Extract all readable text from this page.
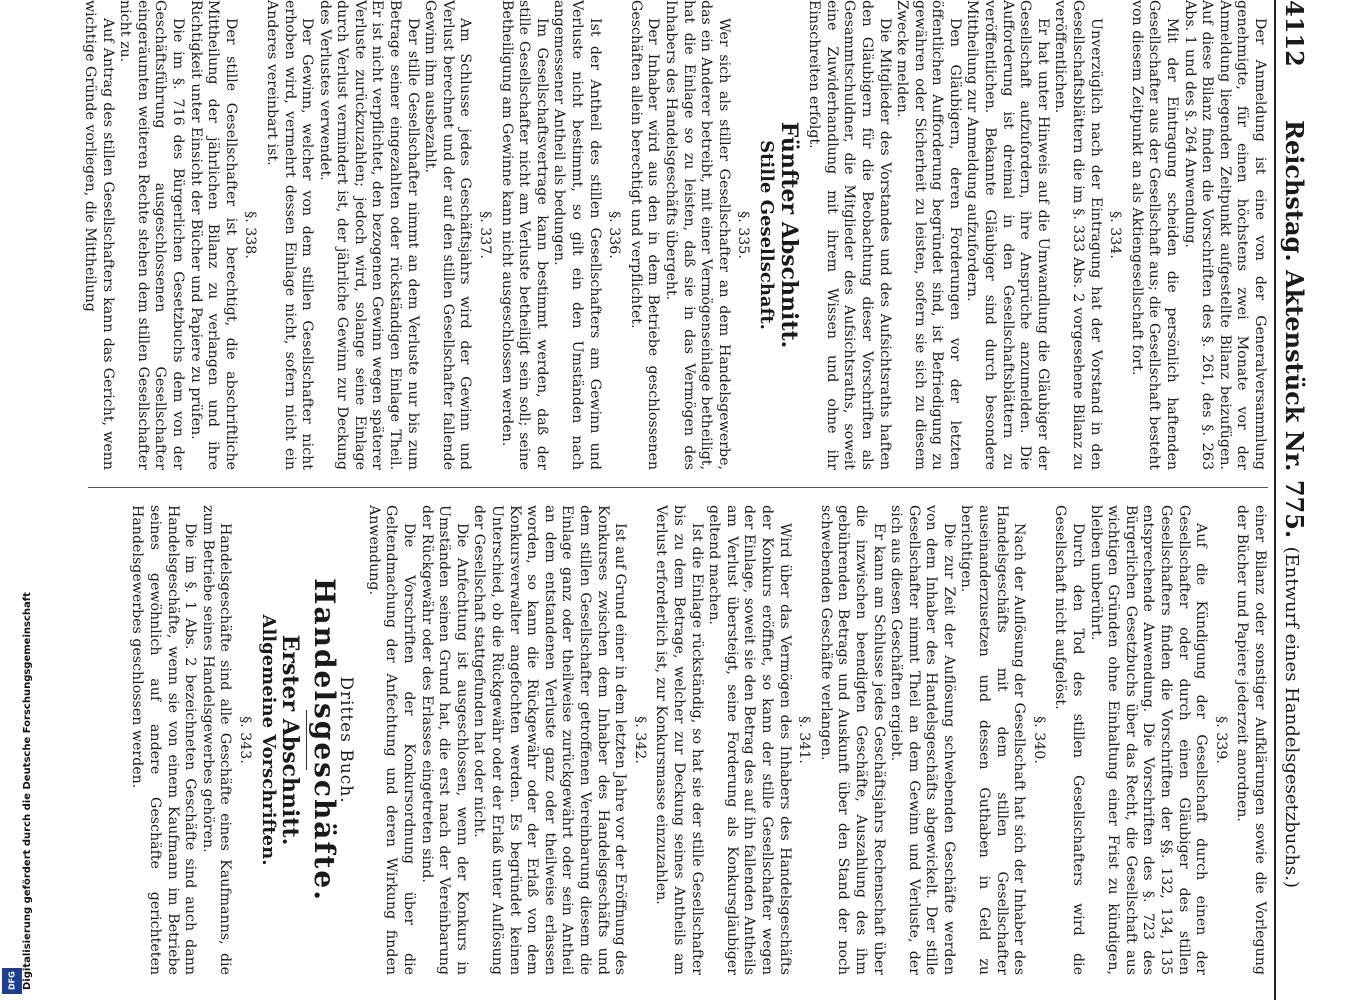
DFG Digitalisierung gefördert durch die Deutsche Forschungsgemeinschaft
4112
Reichstag. Aktenstück Nr. 775. (Entwurf eines Handelsgesetzbuchs.)

Der Anmeldung ist eine von der Generalversammlung genehmigte, für einen höchstens zwei Monate vor der Anmeldung liegenden Zeitpunkt aufgestellte Bilanz beizufügen. Auf diese Bilanz finden die Vorschriften des §. 261, des §. 263 Abs. 1 und des §. 264 Anwendung.

Mit der Eintragung scheiden die persönlich haftenden Gesellschafter aus der Gesellschaft aus; die Gesellschaft besteht von diesem Zeitpunkt an als Aktiengesellschaft fort.

§. 334.

Unverzüglich nach der Eintragung hat der Vorstand in den Gesellschaftsblättern die im §. 333 Abs. 2 vorgesehene Bilanz zu veröffentlichen.

Er hat unter Hinweis auf die Umwandlung die Gläubiger der Gesellschaft aufzufordern, ihre Ansprüche anzumelden. Die Aufforderung ist dreimal in den Gesellschaftsblättern zu veröffentlichen. Bekannte Gläubiger sind durch besondere Mittheilung zur Anmeldung aufzufordern.

Den Gläubigern, deren Forderungen vor der letzten öffentlichen Aufforderung begründet sind, ist Befriedigung zu gewähren oder Sicherheit zu leisten, sofern sie sich zu diesem Zwecke melden.

Die Mitglieder des Vorstandes und des Aufsichtsraths haften den Gläubigern für die Beobachtung dieser Vorschriften als Gesammtschuldner, die Mitglieder des Aufsichtsraths, soweit eine Zuwiderhandlung mit ihrem Wissen und ohne ihr Einschreiten erfolgt.

Fünfter Abschnitt.

Stille Gesellschaft.

§. 335.

Wer sich als stiller Gesellschafter an dem Handelsgewerbe, das ein Anderer betreibt, mit einer Vermögenseinlage betheiligt, hat die Einlage so zu leisten, daß sie in das Vermögen des Inhabers des Handelsgeschäfts übergeht.

Der Inhaber wird aus den in dem Betriebe geschlossenen Geschäften allein berechtigt und verpflichtet.

§. 336.

Ist der Antheil des stillen Gesellschafters am Gewinn und Verluste nicht bestimmt, so gilt ein den Umständen nach angemessener Antheil als bedungen.

Im Gesellschaftsvertrage kann bestimmt werden, daß der stille Gesellschafter nicht am Verluste betheiligt sein soll; seine Betheiligung am Gewinne kann nicht ausgeschlossen werden.

§. 337.

Am Schlusse jedes Geschäftsjahrs wird der Gewinn und Verlust berechnet und der auf den stillen Gesellschafter fallende Gewinn ihm ausbezahlt.

Der stille Gesellschafter nimmt an dem Verluste nur bis zum Betrage seiner eingezahlten oder rückständigen Einlage Theil. Er ist nicht verpflichtet, den bezogenen Gewinn wegen späterer Verluste zurückzuzahlen; jedoch wird, solange seine Einlage durch Verlust vermindert ist, der jährliche Gewinn zur Deckung des Verlustes verwendet.

Der Gewinn, welcher von dem stillen Gesellschafter nicht erhoben wird, vermehrt dessen Einlage nicht, sofern nicht ein Anderes vereinbart ist.

§. 338.

Der stille Gesellschafter ist berechtigt, die abschriftliche Mittheilung der jährlichen Bilanz zu verlangen und ihre Richtigkeit unter Einsicht der Bücher und Papiere zu prüfen.

Die im §. 716 des Bürgerlichen Gesetzbuchs dem von der Geschäftsführung ausgeschlossenen Gesellschafter eingeräumten weiteren Rechte stehen dem stillen Gesellschafter nicht zu.

Auf Antrag des stillen Gesellschafters kann das Gericht, wenn wichtige Gründe vorliegen, die Mittheilung

einer Bilanz oder sonstiger Aufklärungen sowie die Vorlegung der Bücher und Papiere jederzeit anordnen.

§. 339.

Auf die Kündigung der Gesellschaft durch einen der Gesellschafter oder durch einen Gläubiger des stillen Gesellschafters finden die Vorschriften der §§. 132, 134, 135 entsprechende Anwendung. Die Vorschriften des §. 723 des Bürgerlichen Gesetzbuchs über das Recht, die Gesellschaft aus wichtigen Gründen ohne Einhaltung einer Frist zu kündigen, bleiben unberührt.

Durch den Tod des stillen Gesellschafters wird die Gesellschaft nicht aufgelöst.

§. 340.

Nach der Auflösung der Gesellschaft hat sich der Inhaber des Handelsgeschäfts mit dem stillen Gesellschafter auseinanderzusetzen und dessen Guthaben in Geld zu berichtigen.

Die zur Zeit der Auflösung schwebenden Geschäfte werden von dem Inhaber des Handelsgeschäfts abgewickelt. Der stille Gesellschafter nimmt Theil an dem Gewinn und Verluste, der sich aus diesen Geschäften ergiebt.

Er kann am Schlusse jedes Geschäftsjahrs Rechenschaft über die inzwischen beendigten Geschäfte, Auszahlung des ihm gebührenden Betrags und Auskunft über den Stand der noch schwebenden Geschäfte verlangen.

§. 341.

Wird über das Vermögen des Inhabers des Handelsgeschäfts der Konkurs eröffnet, so kann der stille Gesellschafter wegen der Einlage, soweit sie den Betrag des auf ihn fallenden Antheils am Verlust übersteigt, seine Forderung als Konkursgläubiger geltend machen.

Ist die Einlage rückständig, so hat sie der stille Gesellschafter bis zu dem Betrage, welcher zur Deckung seines Antheils am Verlust erforderlich ist, zur Konkursmasse einzuzahlen.

§. 342.

Ist auf Grund einer in dem letzten Jahre vor der Eröffnung des Konkurses zwischen dem Inhaber des Handelsgeschäfts und dem stillen Gesellschafter getroffenen Vereinbarung diesem die Einlage ganz oder theilweise zurückgewährt oder sein Antheil an dem entstandenen Verluste ganz oder theilweise erlassen worden, so kann die Rückgewähr oder der Erlaß von dem Konkursverwalter angefochten werden. Es begründet keinen Unterschied, ob die Rückgewähr oder der Erlaß unter Auflösung der Gesellschaft stattgefunden hat oder nicht.

Die Anfechtung ist ausgeschlossen, wenn der Konkurs in Umständen seinen Grund hat, die erst nach der Vereinbarung der Rückgewähr oder des Erlasses eingetreten sind.

Die Vorschriften der Konkursordnung über die Geltendmachung der Anfechtung und deren Wirkung finden Anwendung.

Drittes Buch.

Handelsgeschäfte.

Erster Abschnitt.

Allgemeine Vorschriften.

§. 343.

Handelsgeschäfte sind alle Geschäfte eines Kaufmanns, die zum Betriebe seines Handelsgewerbes gehören.

Die im §. 1 Abs. 2 bezeichneten Geschäfte sind auch dann Handelsgeschäfte, wenn sie von einem Kaufmann im Betriebe seines gewöhnlich auf andere Geschäfte gerichteten Handelsgewerbes geschlossen werden.
